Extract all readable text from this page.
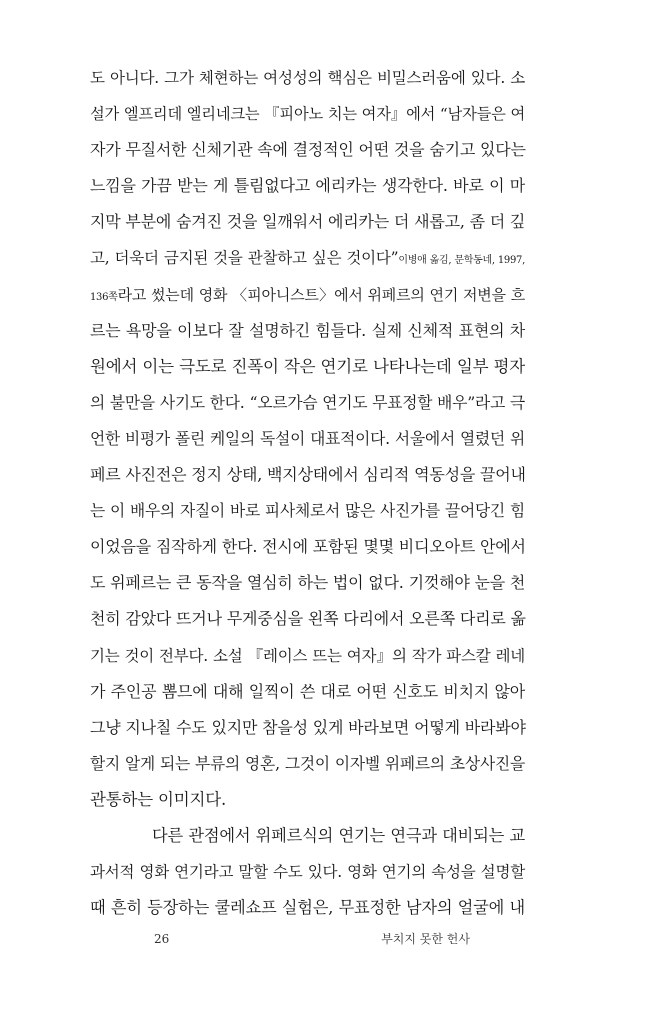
도 아니다. 그가 체현하는 여성성의 핵심은 비밀스러움에 있다. 소
설가 엘프리데 엘리네크는 『피아노 치는 여자』에서 “남자들은 여
자가 무질서한 신체기관 속에 결정적인 어떤 것을 숨기고 있다는
느낌을 가끔 받는 게 틀림없다고 에리카는 생각한다. 바로 이 마
지막 부분에 숨겨진 것을 일깨워서 에리카는 더 새롭고, 좀 더 깊
고, 더욱더 금지된 것을 관찰하고 싶은 것이다”이병애 옮김, 문학동네, 1997,
136쪽라고 썼는데 영화 〈피아니스트〉에서 위페르의 연기 저변을 흐
르는 욕망을 이보다 잘 설명하긴 힘들다. 실제 신체적 표현의 차
원에서 이는 극도로 진폭이 작은 연기로 나타나는데 일부 평자
의 불만을 사기도 한다. “오르가슴 연기도 무표정할 배우”라고 극
언한 비평가 폴린 케일의 독설이 대표적이다. 서울에서 열렸던 위
페르 사진전은 정지 상태, 백지상태에서 심리적 역동성을 끌어내
는 이 배우의 자질이 바로 피사체로서 많은 사진가를 끌어당긴 힘
이었음을 짐작하게 한다. 전시에 포함된 몇몇 비디오아트 안에서
도 위페르는 큰 동작을 열심히 하는 법이 없다. 기껏해야 눈을 천
천히 감았다 뜨거나 무게중심을 왼쪽 다리에서 오른쪽 다리로 옮
기는 것이 전부다. 소설 『레이스 뜨는 여자』의 작가 파스칼 레네
가 주인공 뽐므에 대해 일찍이 쓴 대로 어떤 신호도 비치지 않아
그냥 지나칠 수도 있지만 참을성 있게 바라보면 어떻게 바라봐야
할지 알게 되는 부류의 영혼, 그것이 이자벨 위페르의 초상사진을
관통하는 이미지다.
다른 관점에서 위페르식의 연기는 연극과 대비되는 교
과서적 영화 연기라고 말할 수도 있다. 영화 연기의 속성을 설명할
때 흔히 등장하는 쿨레쇼프 실험은, 무표정한 남자의 얼굴에 내
26	부치지 못한 헌사
